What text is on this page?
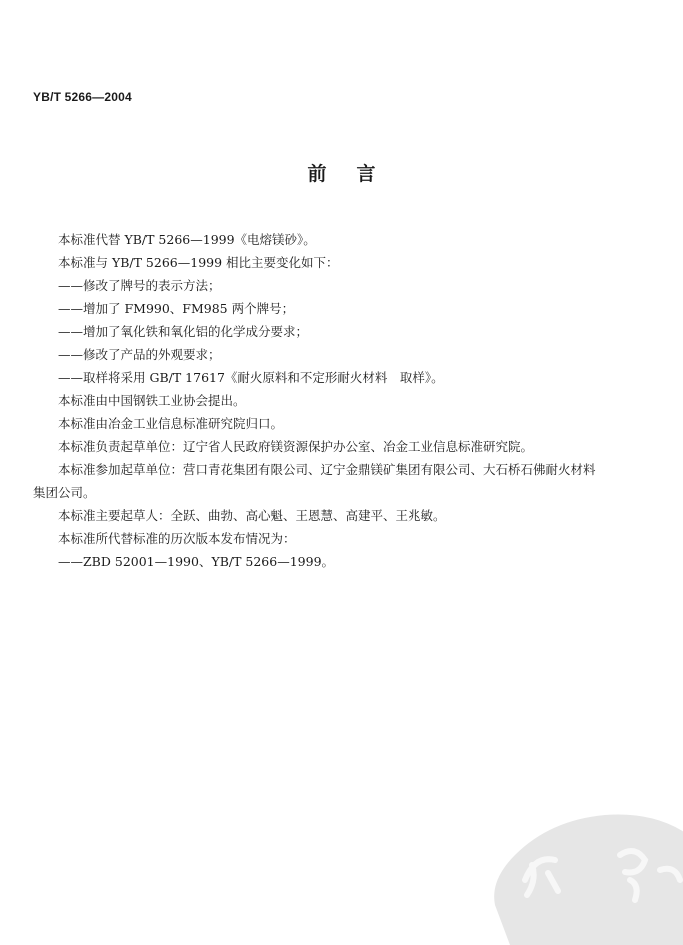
YB/T 5266—2004
前言

本标准代替 YB/T 5266—1999《电熔镁砂》。

本标准与 YB/T 5266—1999 相比主要变化如下：

——修改了牌号的表示方法；

——增加了 FM990、FM985 两个牌号；

——增加了氧化铁和氧化铝的化学成分要求；

——修改了产品的外观要求；

——取样将采用 GB/T 17617《耐火原料和不定形耐火材料　取样》。

本标准由中国钢铁工业协会提出。

本标准由冶金工业信息标准研究院归口。

本标准负责起草单位：辽宁省人民政府镁资源保护办公室、冶金工业信息标准研究院。

本标准参加起草单位：营口青花集团有限公司、辽宁金鼎镁矿集团有限公司、大石桥石佛耐火材料
集团公司。

本标准主要起草人：全跃、曲勃、高心魁、王恩慧、高建平、王兆敏。

本标准所代替标准的历次版本发布情况为：

——ZBD 52001—1990、YB/T 5266—1999。
